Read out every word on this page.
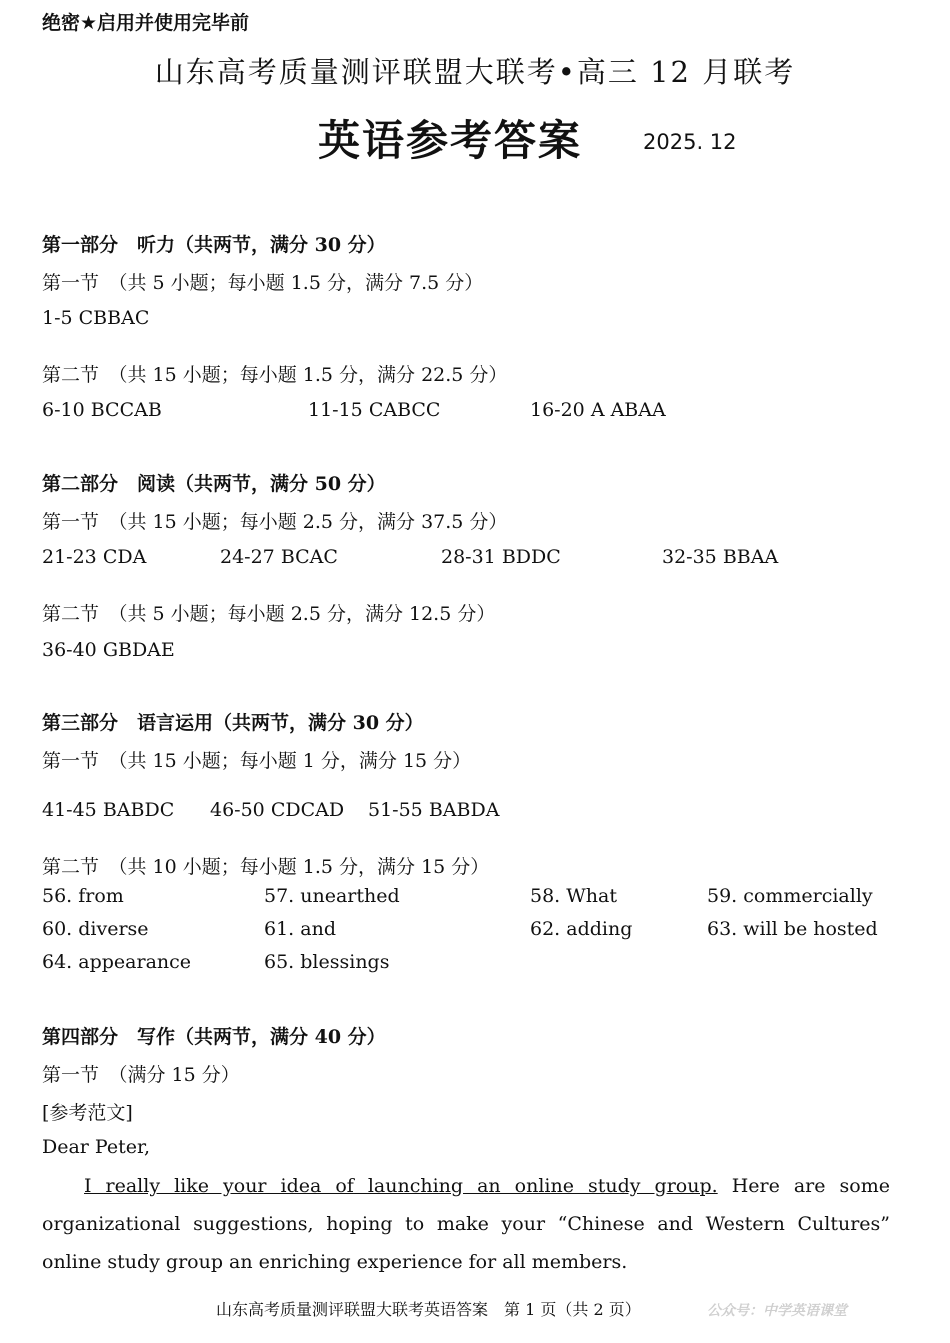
绝密★启用并使用完毕前
山东高考质量测评联盟大联考•高三 12 月联考
英语参考答案	2025. 12
第一部分　听力（共两节，满分 30 分）
第一节　（共 5 小题；每小题 1.5 分，满分 7.5 分）
1-5 CBBAC
第二节　（共 15 小题；每小题 1.5 分，满分 22.5 分）
6-10 BCCAB	11-15 CABCC	16-20 A ABAA
第二部分　阅读（共两节，满分 50 分）
第一节　（共 15 小题；每小题 2.5 分，满分 37.5 分）
21-23 CDA	24-27 BCAC	28-31 BDDC	32-35 BBAA
第二节　（共 5 小题；每小题 2.5 分，满分 12.5 分）
36-40 GBDAE
第三部分　语言运用（共两节，满分 30 分）
第一节　（共 15 小题；每小题 1 分，满分 15 分）
41-45 BABDC 46-50 CDCAD 51-55 BABDA
第二节　（共 10 小题；每小题 1.5 分，满分 15 分）
56. from	57. unearthed	58. What	59. commercially
60. diverse	61. and	62. adding	63. will be hosted
64. appearance	65. blessings
第四部分　写作（共两节，满分 40 分）
第一节　（满分 15 分）
[参考范文]
Dear Peter,
I really like your idea of launching an online study group. Here are some organizational suggestions, hoping to make your “Chinese and Western Cultures” online study group an enriching experience for all members.
山东高考质量测评联盟大联考英语答案　第 1 页（共 2 页）	公众号：中学英语课堂
